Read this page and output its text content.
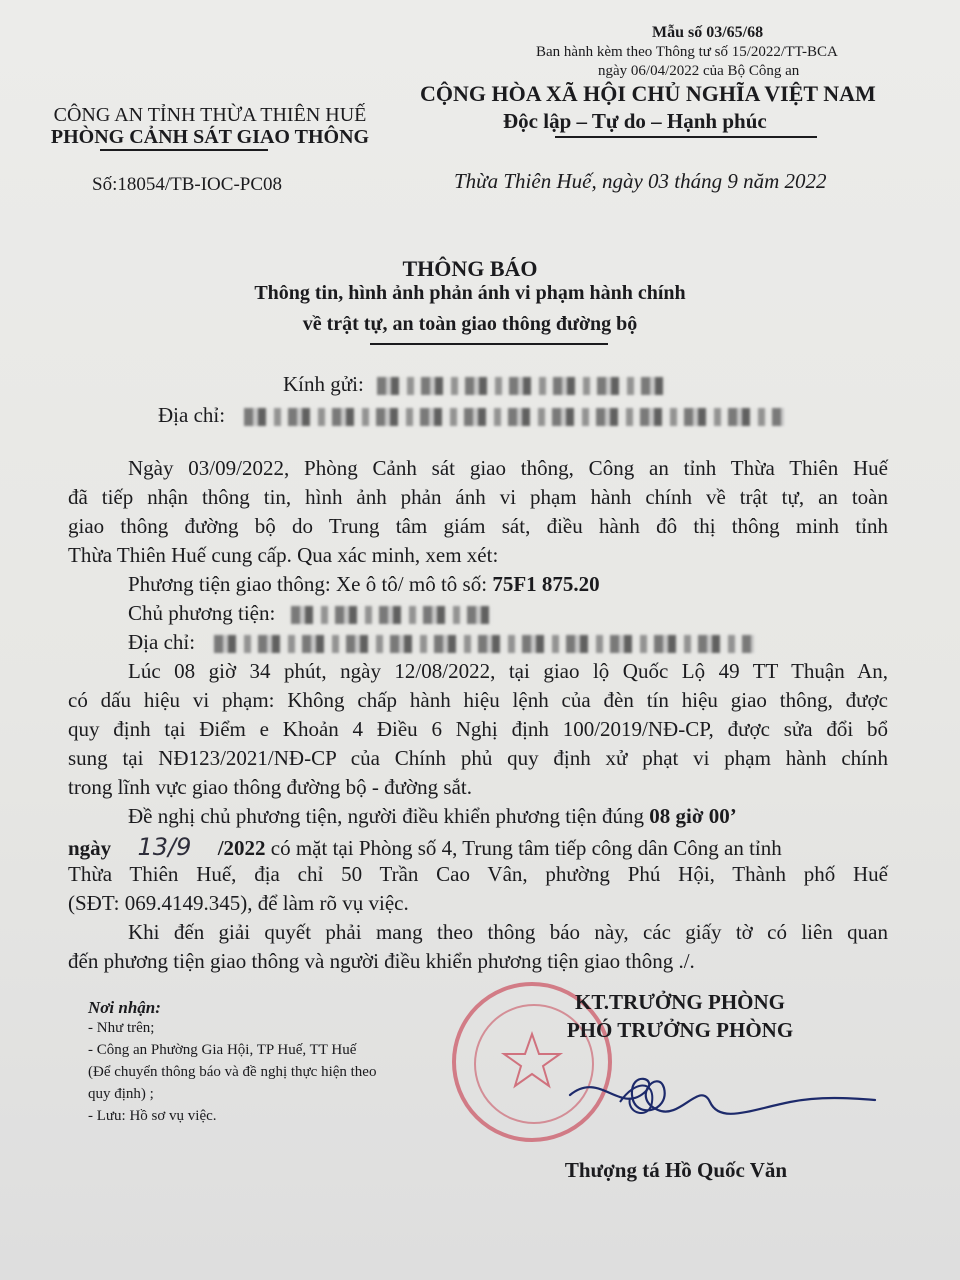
Mẫu số 03/65/68
Ban hành kèm theo Thông tư số 15/2022/TT-BCA
ngày 06/04/2022 của Bộ Công an
CÔNG AN TỈNH THỪA THIÊN HUẾ
PHÒNG CẢNH SÁT GIAO THÔNG
Số:18054/TB-IOC-PC08
CỘNG HÒA XÃ HỘI CHỦ NGHĨA VIỆT NAM
Độc lập – Tự do – Hạnh phúc
Thừa Thiên Huế, ngày 03 tháng 9 năm 2022
THÔNG BÁO
Thông tin, hình ảnh phản ánh vi phạm hành chính
về trật tự, an toàn giao thông đường bộ
Kính gửi:
Địa chỉ:
Ngày 03/09/2022, Phòng Cảnh sát giao thông, Công an tỉnh Thừa Thiên Huế
đã tiếp nhận thông tin, hình ảnh phản ánh vi phạm hành chính về trật tự, an toàn
giao thông đường bộ do Trung tâm giám sát, điều hành đô thị thông minh tỉnh
Thừa Thiên Huế cung cấp. Qua xác minh, xem xét:
Phương tiện giao thông: Xe ô tô/ mô tô số: 75F1 875.20
Chủ phương tiện:
Địa chỉ:
Lúc 08 giờ 34 phút, ngày 12/08/2022, tại giao lộ Quốc Lộ 49 TT Thuận An,
có dấu hiệu vi phạm: Không chấp hành hiệu lệnh của đèn tín hiệu giao thông, được
quy định tại Điểm e Khoản 4 Điều 6 Nghị định 100/2019/NĐ-CP, được sửa đổi bổ
sung tại NĐ123/2021/NĐ-CP của Chính phủ quy định xử phạt vi phạm hành chính
trong lĩnh vực giao thông đường bộ - đường sắt.
Đề nghị chủ phương tiện, người điều khiển phương tiện đúng 08 giờ 00’
ngày 13/9 /2022 có mặt tại Phòng số 4, Trung tâm tiếp công dân Công an tỉnh
Thừa Thiên Huế, địa chỉ 50 Trần Cao Vân, phường Phú Hội, Thành phố Huế
(SĐT: 069.4149.345), để làm rõ vụ việc.
Khi đến giải quyết phải mang theo thông báo này, các giấy tờ có liên quan
đến phương tiện giao thông và người điều khiển phương tiện giao thông ./.
Nơi nhận:
- Như trên;
- Công an Phường Gia Hội, TP Huế, TT Huế
(Để chuyển thông báo và đề nghị thực hiện theo
quy định) ;
- Lưu: Hồ sơ vụ việc.
KT.TRƯỞNG PHÒNG
PHÓ TRƯỞNG PHÒNG
Thượng tá Hồ Quốc Văn
